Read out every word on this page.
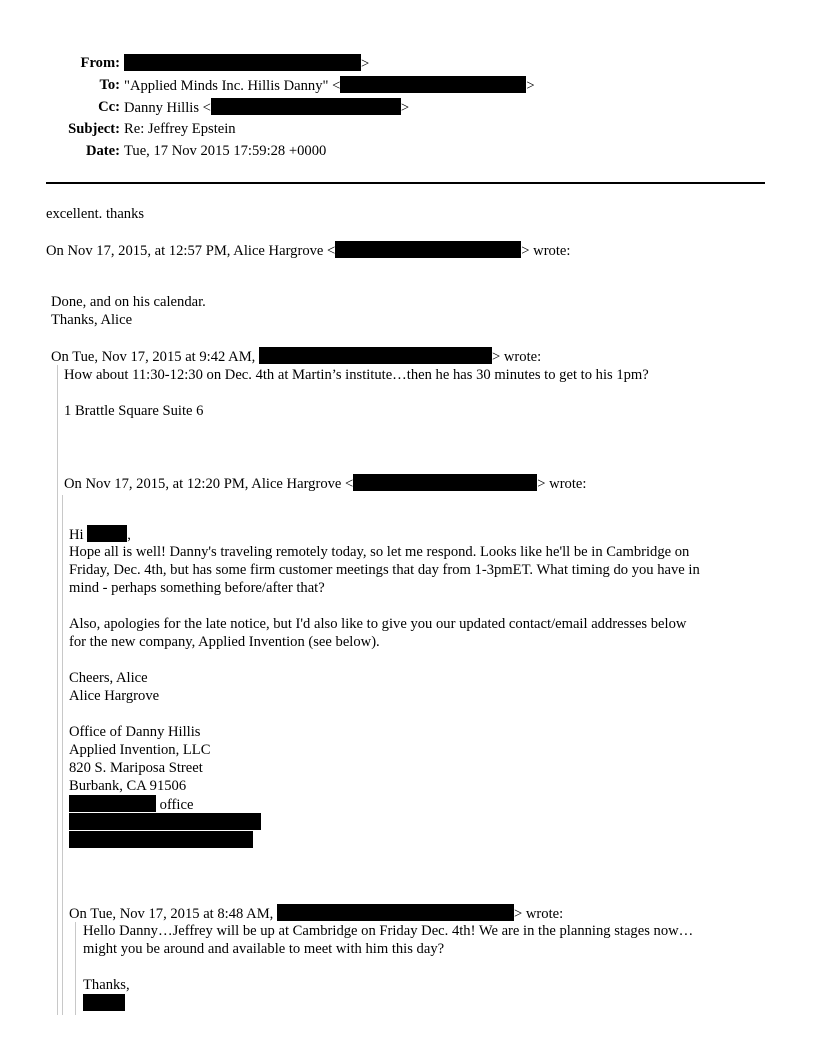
From:	>
To: "Applied Minds Inc. Hillis Danny" <	>
Cc: Danny Hillis <	>
Subject: Re: Jeffrey Epstein
Date: Tue, 17 Nov 2015 17:59:28 +0000
excellent. thanks
On Nov 17, 2015, at 12:57 PM, Alice Hargrove <	> wrote:
Done, and on his calendar.
Thanks, Alice
On Tue, Nov 17, 2015 at 9:42 AM,	> wrote:
How about 11:30-12:30 on Dec. 4th at Martin’s institute…then he has 30 minutes to get to his 1pm?
1 Brattle Square Suite 6
On Nov 17, 2015, at 12:20 PM, Alice Hargrove <	> wrote:
Hi	,
Hope all is well! Danny's traveling remotely today, so let me respond. Looks like he'll be in Cambridge on
Friday, Dec. 4th, but has some firm customer meetings that day from 1-3pmET. What timing do you have in
mind - perhaps something before/after that?
Also, apologies for the late notice, but I'd also like to give you our updated contact/email addresses below
for the new company, Applied Invention (see below).
Cheers, Alice
Alice Hargrove
Office of Danny Hillis
Applied Invention, LLC
820 S. Mariposa Street
Burbank, CA 91506
office
On Tue, Nov 17, 2015 at 8:48 AM,	> wrote:
Hello Danny…Jeffrey will be up at Cambridge on Friday Dec. 4th! We are in the planning stages now…
might you be around and available to meet with him this day?
Thanks,
